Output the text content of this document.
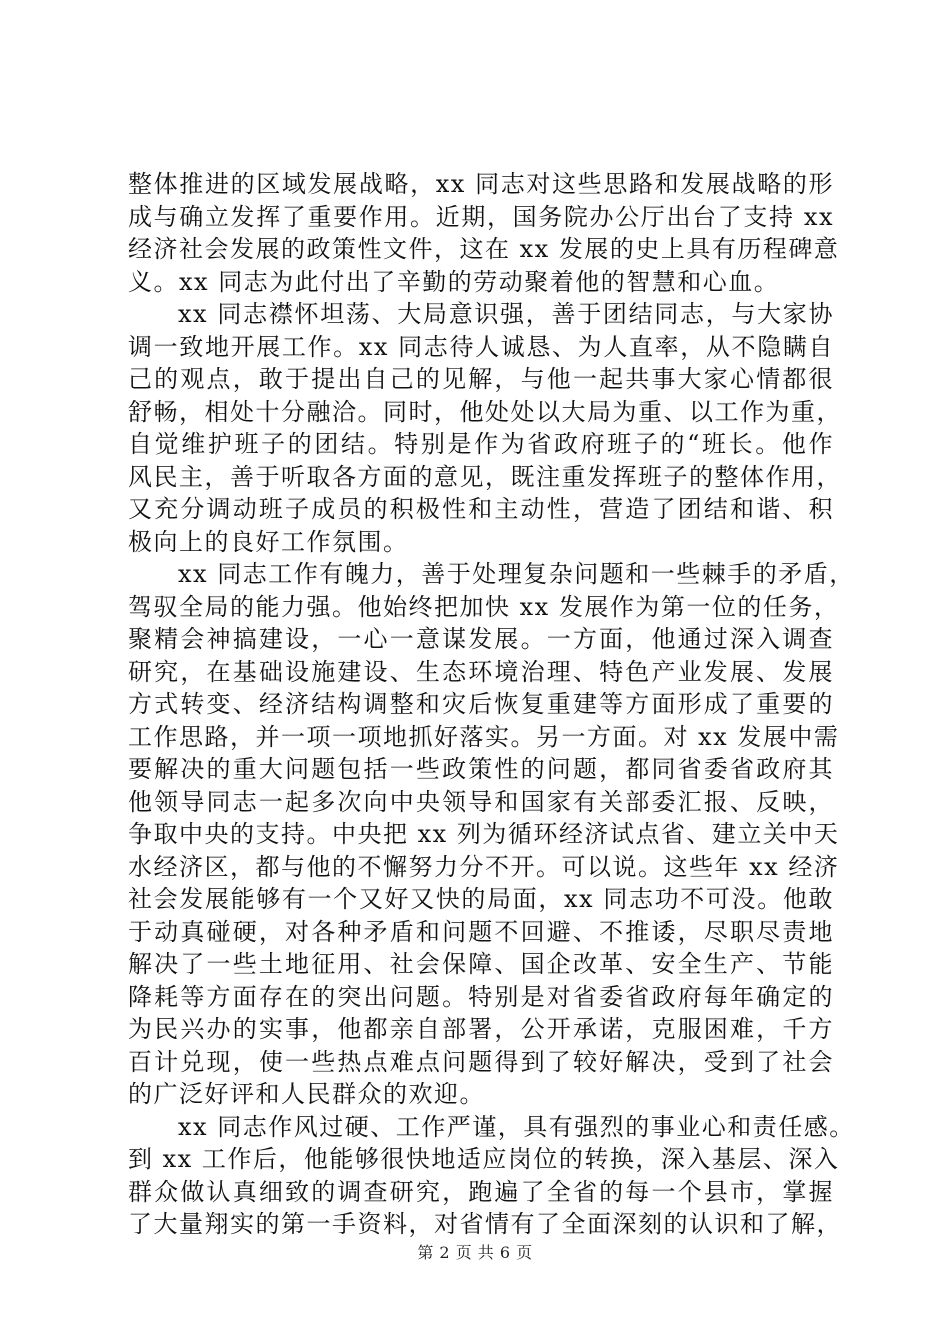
整体推进的区域发展战略，xx 同志对这些思路和发展战略的形
成与确立发挥了重要作用。近期，国务院办公厅出台了支持 xx
经济社会发展的政策性文件，这在 xx 发展的史上具有历程碑意
义。xx 同志为此付出了辛勤的劳动聚着他的智慧和心血。
xx 同志襟怀坦荡、大局意识强，善于团结同志，与大家协
调一致地开展工作。xx 同志待人诚恳、为人直率，从不隐瞒自
己的观点，敢于提出自己的见解，与他一起共事大家心情都很
舒畅，相处十分融洽。同时，他处处以大局为重、以工作为重，
自觉维护班子的团结。特别是作为省政府班子的“班长。他作
风民主，善于听取各方面的意见，既注重发挥班子的整体作用，
又充分调动班子成员的积极性和主动性，营造了团结和谐、积
极向上的良好工作氛围。
xx 同志工作有魄力，善于处理复杂问题和一些棘手的矛盾，
驾驭全局的能力强。他始终把加快 xx 发展作为第一位的任务，
聚精会神搞建设，一心一意谋发展。一方面，他通过深入调查
研究，在基础设施建设、生态环境治理、特色产业发展、发展
方式转变、经济结构调整和灾后恢复重建等方面形成了重要的
工作思路，并一项一项地抓好落实。另一方面。对 xx 发展中需
要解决的重大问题包括一些政策性的问题，都同省委省政府其
他领导同志一起多次向中央领导和国家有关部委汇报、反映，
争取中央的支持。中央把 xx 列为循环经济试点省、建立关中天
水经济区，都与他的不懈努力分不开。可以说。这些年 xx 经济
社会发展能够有一个又好又快的局面，xx 同志功不可没。他敢
于动真碰硬，对各种矛盾和问题不回避、不推诿，尽职尽责地
解决了一些土地征用、社会保障、国企改革、安全生产、节能
降耗等方面存在的突出问题。特别是对省委省政府每年确定的
为民兴办的实事，他都亲自部署，公开承诺，克服困难，千方
百计兑现，使一些热点难点问题得到了较好解决，受到了社会
的广泛好评和人民群众的欢迎。
xx 同志作风过硬、工作严谨，具有强烈的事业心和责任感。
到 xx 工作后，他能够很快地适应岗位的转换，深入基层、深入
群众做认真细致的调查研究，跑遍了全省的每一个县市，掌握
了大量翔实的第一手资料，对省情有了全面深刻的认识和了解，
第 2 页 共 6 页
